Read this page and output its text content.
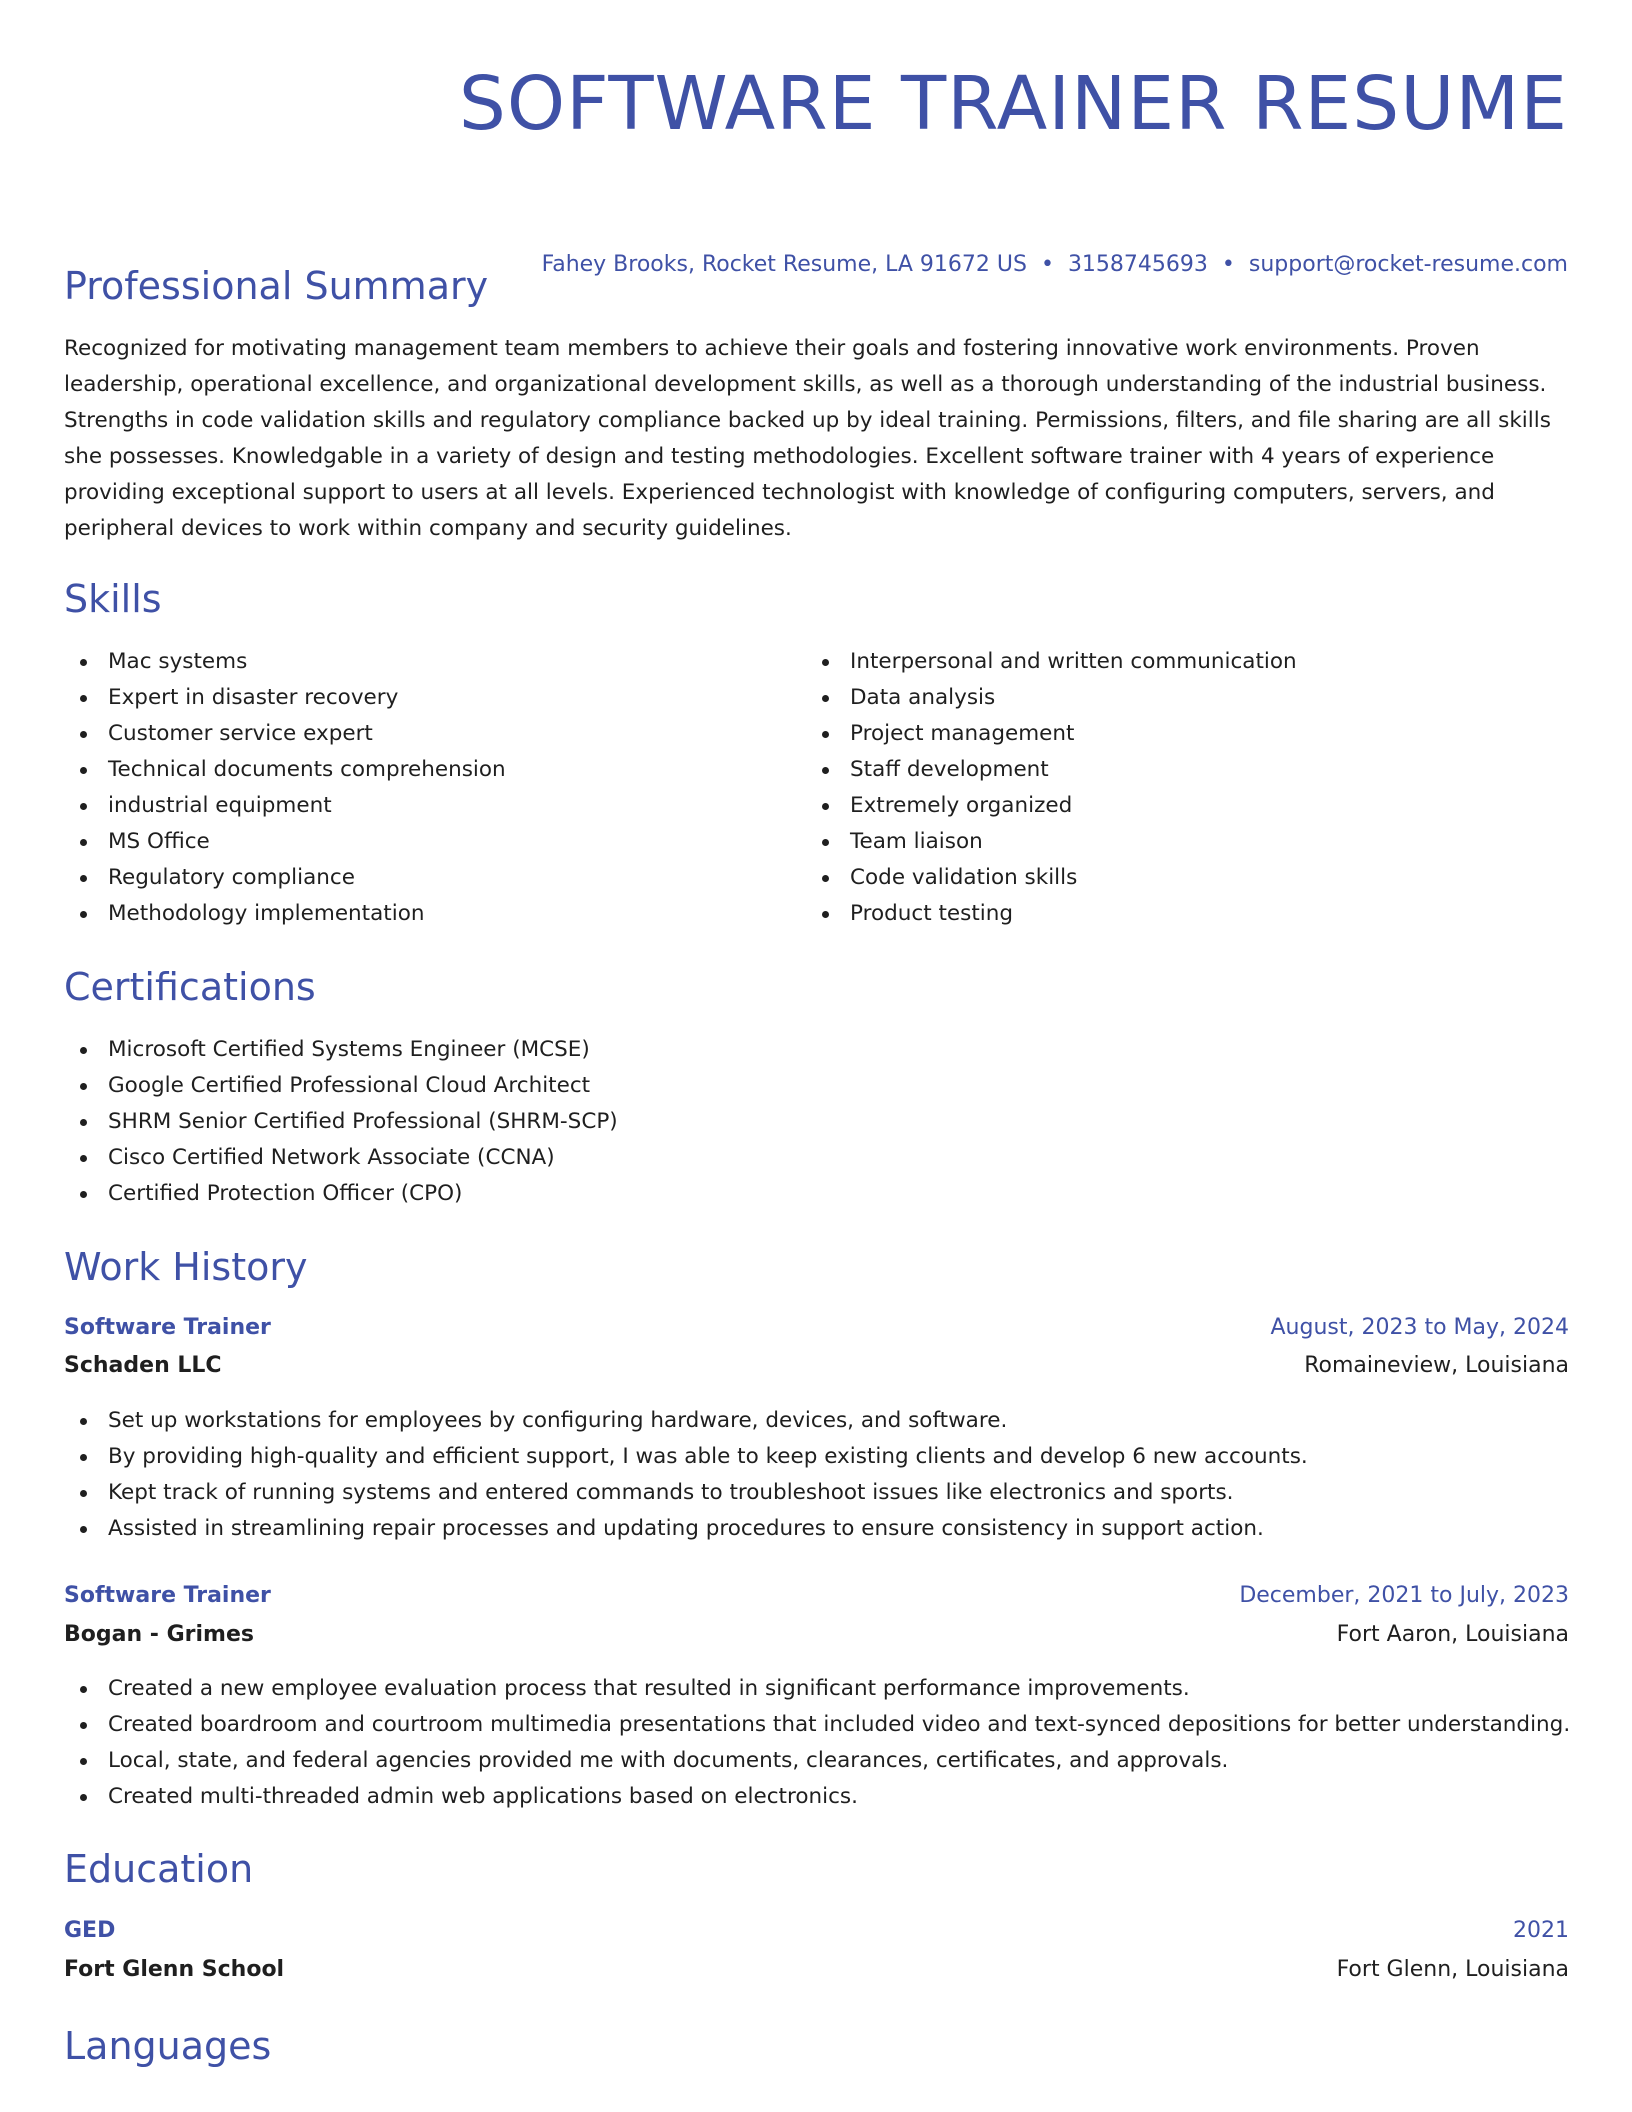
SOFTWARE TRAINER RESUME
Fahey Brooks, Rocket Resume, LA 91672 US • 3158745693 • support@rocket-resume.com
Professional Summary

Recognized for motivating management team members to achieve their goals and fostering innovative work environments. Proven leadership, operational excellence, and organizational development skills, as well as a thorough understanding of the industrial business. Strengths in code validation skills and regulatory compliance backed up by ideal training. Permissions, filters, and file sharing are all skills she possesses. Knowledgable in a variety of design and testing methodologies. Excellent software trainer with 4 years of experience providing exceptional support to users at all levels. Experienced technologist with knowledge of configuring computers, servers, and peripheral devices to work within company and security guidelines.

Skills
Mac systems
Expert in disaster recovery
Customer service expert
Technical documents comprehension
industrial equipment
MS Office
Regulatory compliance
Methodology implementation
Interpersonal and written communication
Data analysis
Project management
Staff development
Extremely organized
Team liaison
Code validation skills
Product testing
Certifications
Microsoft Certified Systems Engineer (MCSE)
Google Certified Professional Cloud Architect
SHRM Senior Certified Professional (SHRM-SCP)
Cisco Certified Network Associate (CCNA)
Certified Protection Officer (CPO)
Work History
Software Trainer	August, 2023 to May, 2024
Schaden LLC	Romaineview, Louisiana
Set up workstations for employees by configuring hardware, devices, and software.
By providing high-quality and efficient support, I was able to keep existing clients and develop 6 new accounts.
Kept track of running systems and entered commands to troubleshoot issues like electronics and sports.
Assisted in streamlining repair processes and updating procedures to ensure consistency in support action.
Software Trainer	December, 2021 to July, 2023
Bogan - Grimes	Fort Aaron, Louisiana
Created a new employee evaluation process that resulted in significant performance improvements.
Created boardroom and courtroom multimedia presentations that included video and text-synced depositions for better understanding.
Local, state, and federal agencies provided me with documents, clearances, certificates, and approvals.
Created multi-threaded admin web applications based on electronics.
Education
GED	2021
Fort Glenn School	Fort Glenn, Louisiana
Languages
